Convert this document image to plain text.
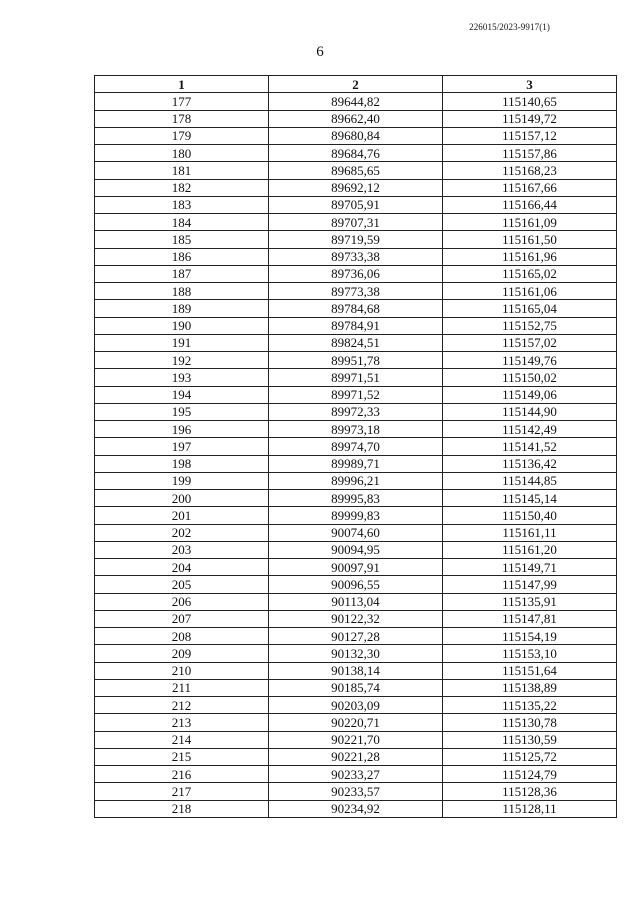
226015/2023-9917(1)
6
1	2	3
177	89644,82	115140,65
178	89662,40	115149,72
179	89680,84	115157,12
180	89684,76	115157,86
181	89685,65	115168,23
182	89692,12	115167,66
183	89705,91	115166,44
184	89707,31	115161,09
185	89719,59	115161,50
186	89733,38	115161,96
187	89736,06	115165,02
188	89773,38	115161,06
189	89784,68	115165,04
190	89784,91	115152,75
191	89824,51	115157,02
192	89951,78	115149,76
193	89971,51	115150,02
194	89971,52	115149,06
195	89972,33	115144,90
196	89973,18	115142,49
197	89974,70	115141,52
198	89989,71	115136,42
199	89996,21	115144,85
200	89995,83	115145,14
201	89999,83	115150,40
202	90074,60	115161,11
203	90094,95	115161,20
204	90097,91	115149,71
205	90096,55	115147,99
206	90113,04	115135,91
207	90122,32	115147,81
208	90127,28	115154,19
209	90132,30	115153,10
210	90138,14	115151,64
211	90185,74	115138,89
212	90203,09	115135,22
213	90220,71	115130,78
214	90221,70	115130,59
215	90221,28	115125,72
216	90233,27	115124,79
217	90233,57	115128,36
218	90234,92	115128,11
